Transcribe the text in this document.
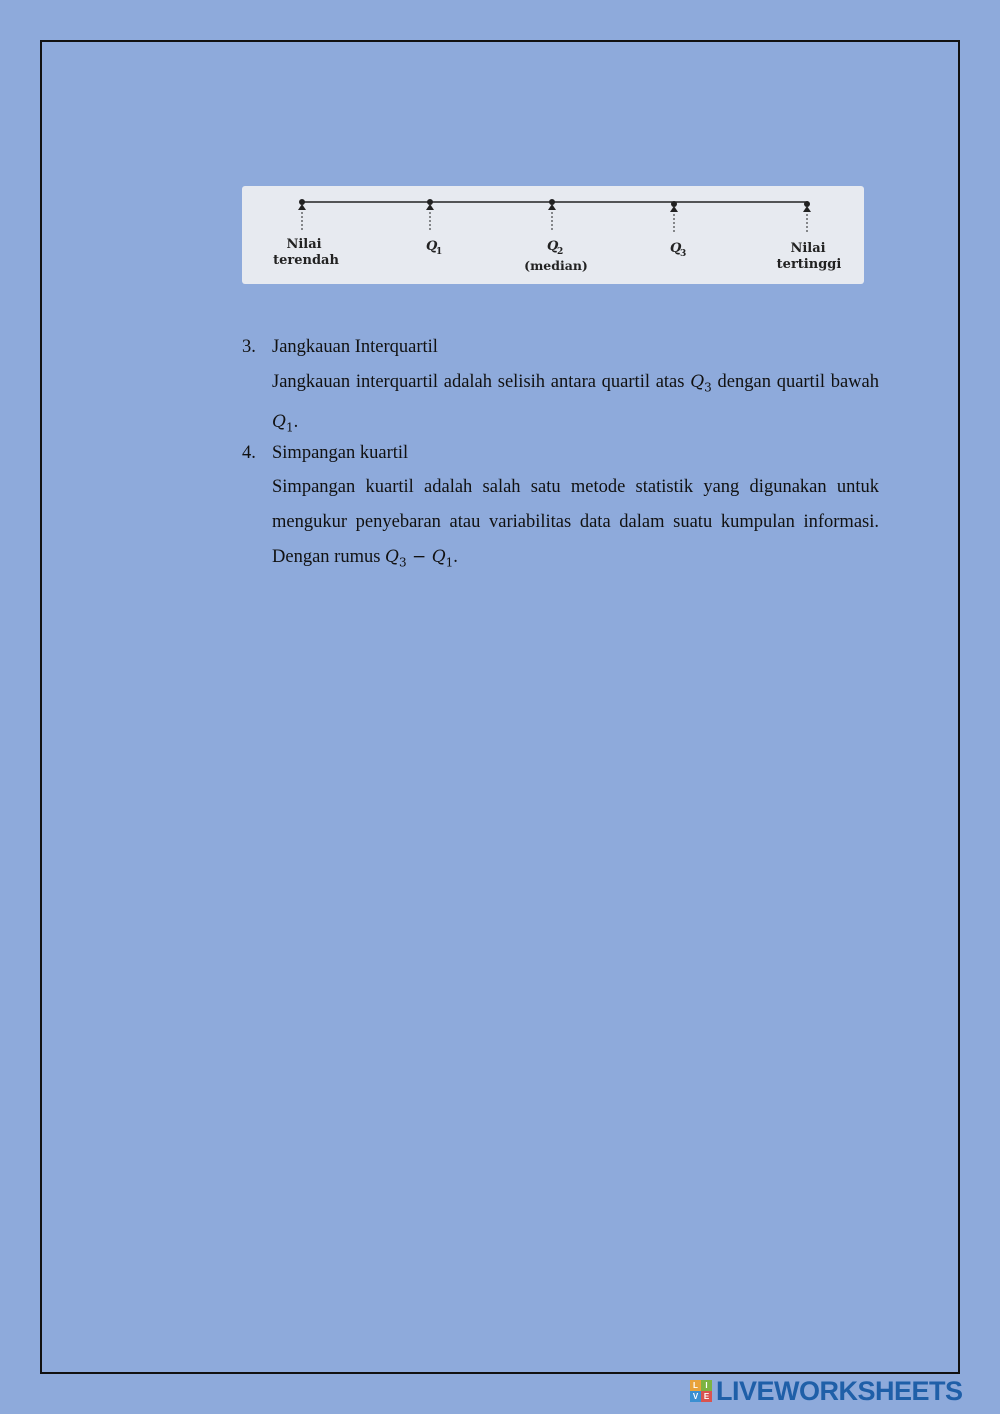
Nilai
terendah
Q
1	Q
2
(median)
Q
3	Nilai
tertinggi
3. Jangkauan Interquartil
Jangkauan interquartil adalah selisih antara quartil atas $Q_3$ dengan quartil bawah $Q_1$.
4. Simpangan kuartil
Simpangan kuartil adalah salah satu metode statistik yang digunakan untuk mengukur penyebaran atau variabilitas data dalam suatu kumpulan informasi. Dengan rumus $Q_3 - Q_1$.
L I
V E LIVEWORKSHEETS
